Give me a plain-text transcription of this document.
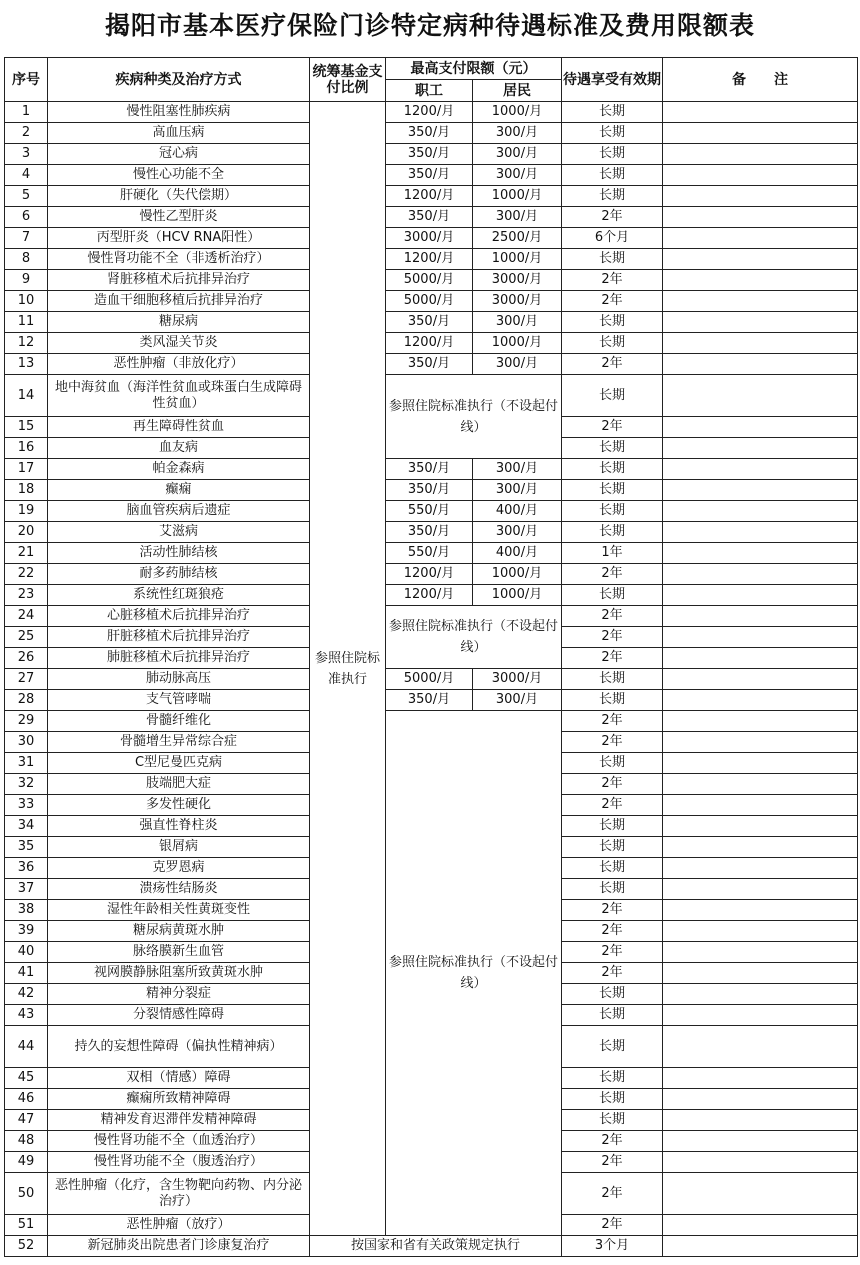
揭阳市基本医疗保险门诊特定病种待遇标准及费用限额表
序号	疾病种类及治疗方式	统筹基金支付比例	最高支付限额（元）		待遇享受有效期	备　　注
			职工	居民		
1	慢性阻塞性肺疾病	参照住院标准执行	1200/月	1000/月	长期	
2	高血压病		350/月	300/月	长期	
3	冠心病		350/月	300/月	长期	
4	慢性心功能不全		350/月	300/月	长期	
5	肝硬化（失代偿期）		1200/月	1000/月	长期	
6	慢性乙型肝炎		350/月	300/月	2年	
7	丙型肝炎（HCV RNA阳性）		3000/月	2500/月	6个月	
8	慢性肾功能不全（非透析治疗）		1200/月	1000/月	长期	
9	肾脏移植术后抗排异治疗		5000/月	3000/月	2年	
10	造血干细胞移植后抗排异治疗		5000/月	3000/月	2年	
11	糖尿病		350/月	300/月	长期	
12	类风湿关节炎		1200/月	1000/月	长期	
13	恶性肿瘤（非放化疗）		350/月	300/月	2年	
14	地中海贫血（海洋性贫血或珠蛋白生成障碍性贫血）		参照住院标准执行（不设起付线）		长期	
15	再生障碍性贫血				2年	
16	血友病				长期	
17	帕金森病		350/月	300/月	长期	
18	癫痫		350/月	300/月	长期	
19	脑血管疾病后遗症		550/月	400/月	长期	
20	艾滋病		350/月	300/月	长期	
21	活动性肺结核		550/月	400/月	1年	
22	耐多药肺结核		1200/月	1000/月	2年	
23	系统性红斑狼疮		1200/月	1000/月	长期	
24	心脏移植术后抗排异治疗		参照住院标准执行（不设起付线）		2年	
25	肝脏移植术后抗排异治疗				2年	
26	肺脏移植术后抗排异治疗				2年	
27	肺动脉高压		5000/月	3000/月	长期	
28	支气管哮喘		350/月	300/月	长期	
29	骨髓纤维化		参照住院标准执行（不设起付线）		2年	
30	骨髓增生异常综合症				2年	
31	C型尼曼匹克病				长期	
32	肢端肥大症				2年	
33	多发性硬化				2年	
34	强直性脊柱炎				长期	
35	银屑病				长期	
36	克罗恩病				长期	
37	溃疡性结肠炎				长期	
38	湿性年龄相关性黄斑变性				2年	
39	糖尿病黄斑水肿				2年	
40	脉络膜新生血管				2年	
41	视网膜静脉阻塞所致黄斑水肿				2年	
42	精神分裂症				长期	
43	分裂情感性障碍				长期	
44	持久的妄想性障碍（偏执性精神病）				长期	
45	双相（情感）障碍				长期	
46	癫痫所致精神障碍				长期	
47	精神发育迟滞伴发精神障碍				长期	
48	慢性肾功能不全（血透治疗）				2年	
49	慢性肾功能不全（腹透治疗）				2年	
50	恶性肿瘤（化疗，含生物靶向药物、内分泌治疗）				2年	
51	恶性肿瘤（放疗）				2年	
52	新冠肺炎出院患者门诊康复治疗	按国家和省有关政策规定执行			3个月	
